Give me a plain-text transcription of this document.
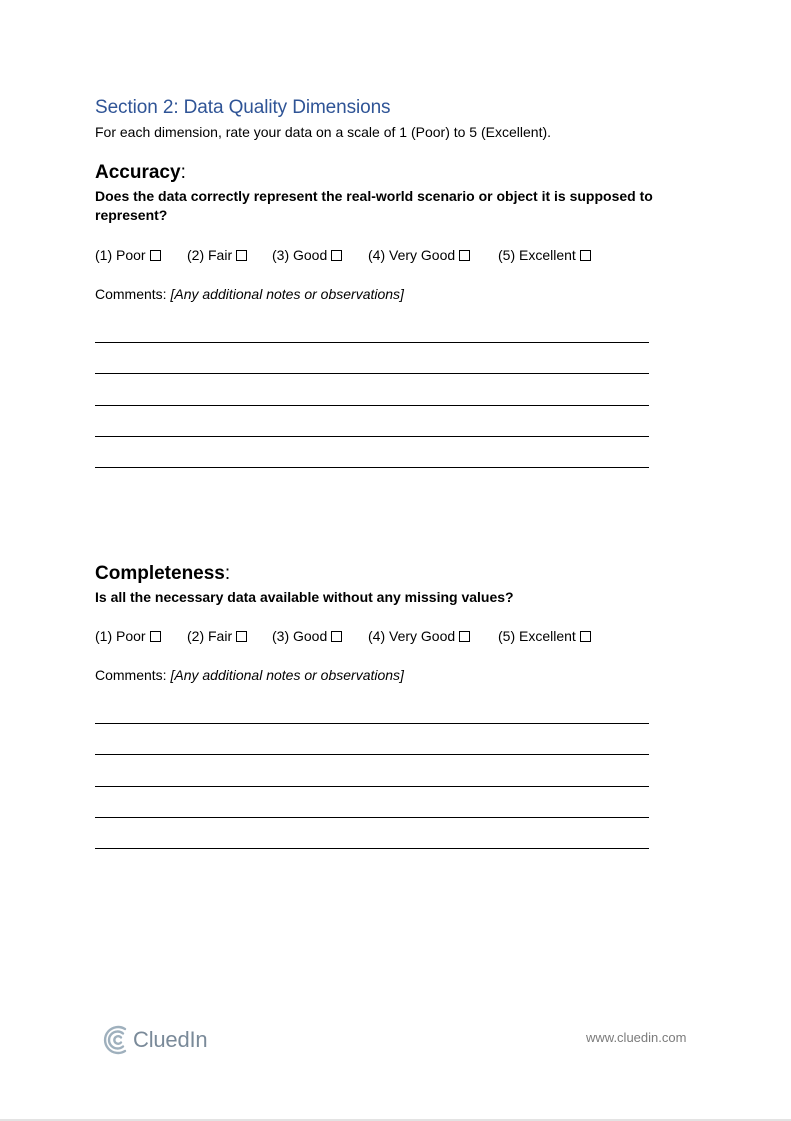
Section 2: Data Quality Dimensions
For each dimension, rate your data on a scale of 1 (Poor) to 5 (Excellent).
Accuracy:
Does the data correctly represent the real-world scenario or object it is supposed to represent?
(1) Poor	(2) Fair	(3) Good	(4) Very Good	(5) Excellent
Comments: [Any additional notes or observations]
Completeness:
Is all the necessary data available without any missing values?
(1) Poor	(2) Fair	(3) Good	(4) Very Good	(5) Excellent
Comments: [Any additional notes or observations]
CluedIn	www.cluedin.com
